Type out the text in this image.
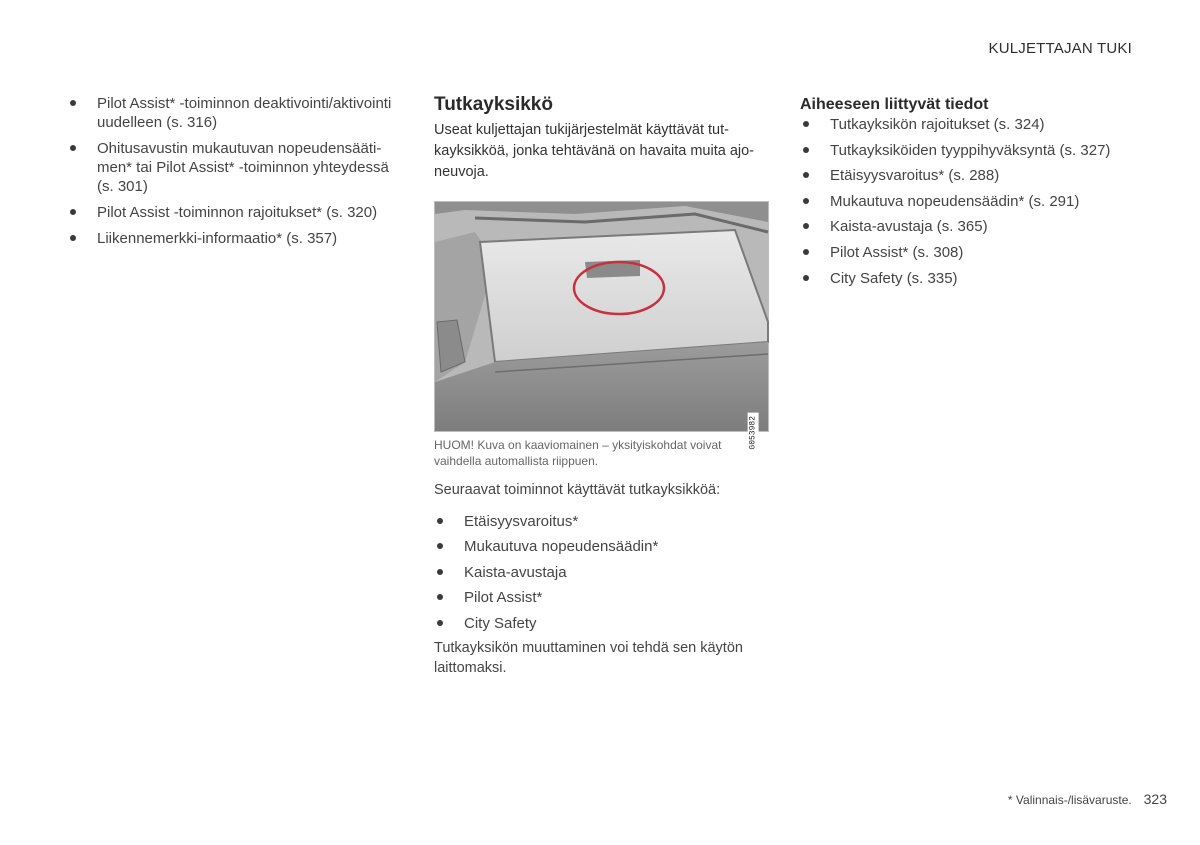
KULJETTAJAN TUKI
Pilot Assist* -toiminnon deaktivointi/aktivointi uudelleen (s. 316)
Ohitusavustin mukautuvan nopeudensääti-men* tai Pilot Assist* -toiminnon yhteydessä (s. 301)
Pilot Assist -toiminnon rajoitukset* (s. 320)
Liikennemerkki-informaatio* (s. 357)
Tutkayksikkö

Useat kuljettajan tukijärjestelmät käyttävät tut-kayksikköä, jonka tehtävänä on havaita muita ajo-neuvoja.

G053982

HUOM! Kuva on kaaviomainen – yksityiskohdat voivat vaihdella automallista riippuen.

Seuraavat toiminnot käyttävät tutkayksikköä:

Etäisyysvaroitus*
Mukautuva nopeudensäädin*
Kaista-avustaja
Pilot Assist*
City Safety

Tutkayksikön muuttaminen voi tehdä sen käytön laittomaksi.

Aiheeseen liittyvät tiedot
Tutkayksikön rajoitukset (s. 324)
Tutkayksiköiden tyyppihyväksyntä (s. 327)
Etäisyysvaroitus* (s. 288)
Mukautuva nopeudensäädin* (s. 291)
Kaista-avustaja (s. 365)
Pilot Assist* (s. 308)
City Safety (s. 335)
* Valinnais-/lisävaruste. 323
